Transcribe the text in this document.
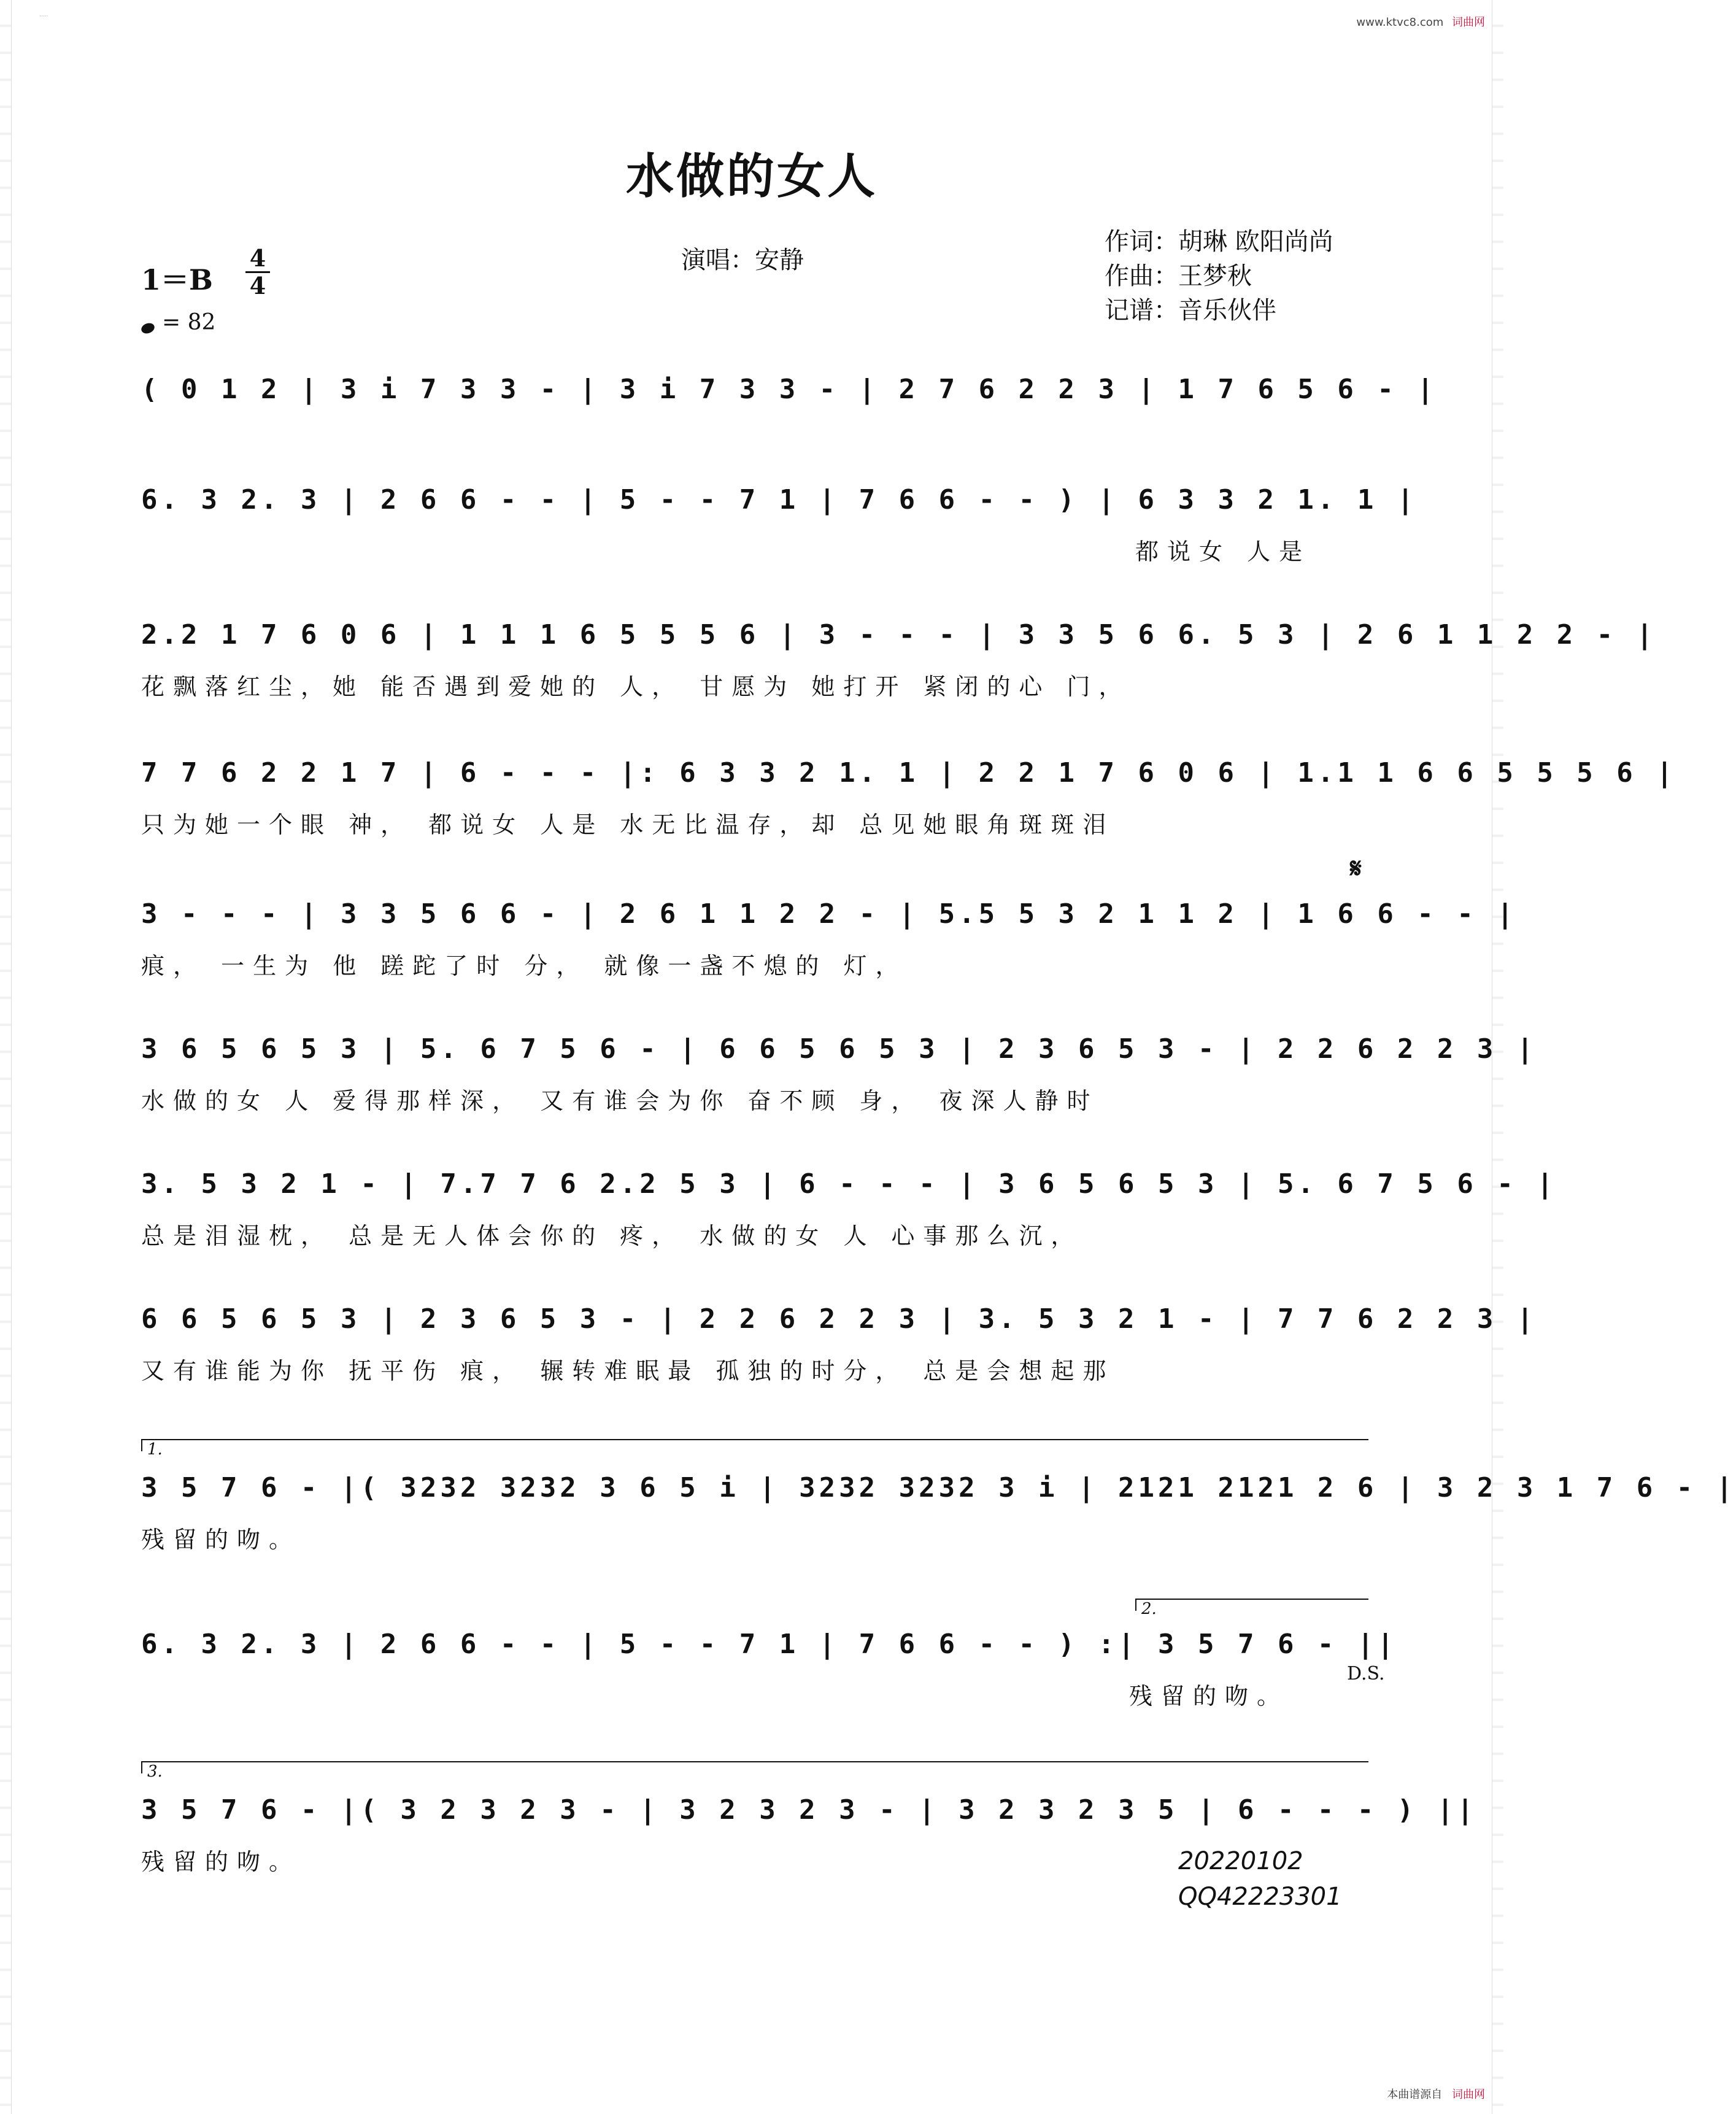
·····	www.ktvc8.com 词曲网
水做的女人
演唱：安静
作词：胡琳 欧阳尚尚
作曲：王梦秋
记谱：音乐伙伴
$1=B \frac{4}{4}$
= 82
( 0 1 2 | 3 i 7 3 3 - | 3 i 7 3 3 - | 2 7 6 2 2 3 | 1 7 6 5 6 - |
6. 3 2. 3 | 2 6 6 - - | 5 - - 7 1 | 7 6 6 - - ) | 6 3 3 2 1. 1 |
都说女 人是
2.2 1 7 6 0 6 | 1 1 1 6 5 5 5 6 | 3 - - - | 3 3 5 6 6. 5 3 | 2 6 1 1 2 2 - |
花飘落红尘，她 能否遇到爱她的 人， 甘愿为 她打开 紧闭的心 门，
7 7 6 2 2 1 7 | 6 - - - |: 6 3 3 2 1. 1 | 2 2 1 7 6 0 6 | 1.1 1 6 6 5 5 5 6 |
只为她一个眼 神， 都说女 人是 水无比温存，却 总见她眼角斑斑泪
3 - - - | 3 3 5 6 6 - | 2 6 1 1 2 2 - | 5.5 5 3 2 1 1 2 | 1 6 6 - - |
痕， 一生为 他 蹉跎了时 分， 就像一盏不熄的 灯，
𝄋
3 6 5 6 5 3 | 5. 6 7 5 6 - | 6 6 5 6 5 3 | 2 3 6 5 3 - | 2 2 6 2 2 3 |
水做的女 人 爱得那样深， 又有谁会为你 奋不顾 身， 夜深人静时
3. 5 3 2 1 - | 7.7 7 6 2.2 5 3 | 6 - - - | 3 6 5 6 5 3 | 5. 6 7 5 6 - |
总是泪湿枕， 总是无人体会你的 疼， 水做的女 人 心事那么沉，
6 6 5 6 5 3 | 2 3 6 5 3 - | 2 2 6 2 2 3 | 3. 5 3 2 1 - | 7 7 6 2 2 3 |
又有谁能为你 抚平伤 痕， 辗转难眠最 孤独的时分， 总是会想起那
1.
3 5 7 6 - |( 3232 3232 3 6 5 i | 3232 3232 3 i | 2121 2121 2 6 | 3 2 3 1 7 6 - |
残留的吻。
2.
6. 3 2. 3 | 2 6 6 - - | 5 - - 7 1 | 7 6 6 - - ) :| 3 5 7 6 - ||
残留的吻。
D.S.
3.
3 5 7 6 - |( 3 2 3 2 3 - | 3 2 3 2 3 - | 3 2 3 2 3 5 | 6 - - - ) ||
残留的吻。	20220102
QQ42223301
本曲谱源自 词曲网
